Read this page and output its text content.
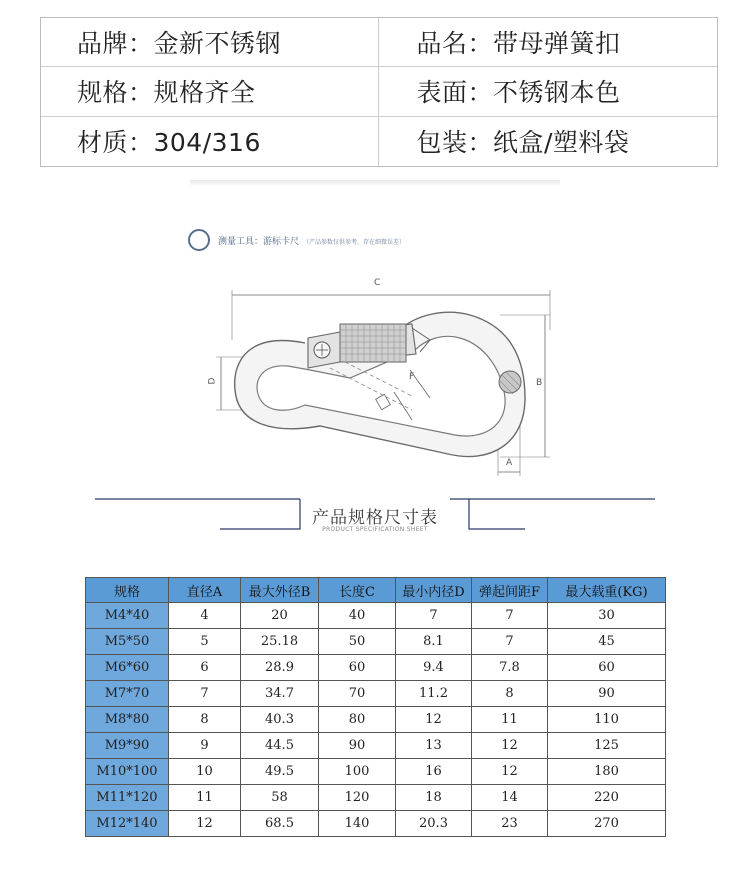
品牌：金新不锈钢	品名：带母弹簧扣
规格：规格齐全	表面：不锈钢本色
材质：304/316	包装：纸盒/塑料袋
测量工具：游标卡尺 （产品参数仅供参考，存在细微误差）
C
B
D
A
F
产品规格尺寸表
PRODUCT SPECIFICATION SHEET
规格	直径A	最大外径B	长度C	最小内径D	弹起间距F	最大载重(KG)
M4*40	4	20	40	7	7	30
M5*50	5	25.18	50	8.1	7	45
M6*60	6	28.9	60	9.4	7.8	60
M7*70	7	34.7	70	11.2	8	90
M8*80	8	40.3	80	12	11	110
M9*90	9	44.5	90	13	12	125
M10*100	10	49.5	100	16	12	180
M11*120	11	58	120	18	14	220
M12*140	12	68.5	140	20.3	23	270
